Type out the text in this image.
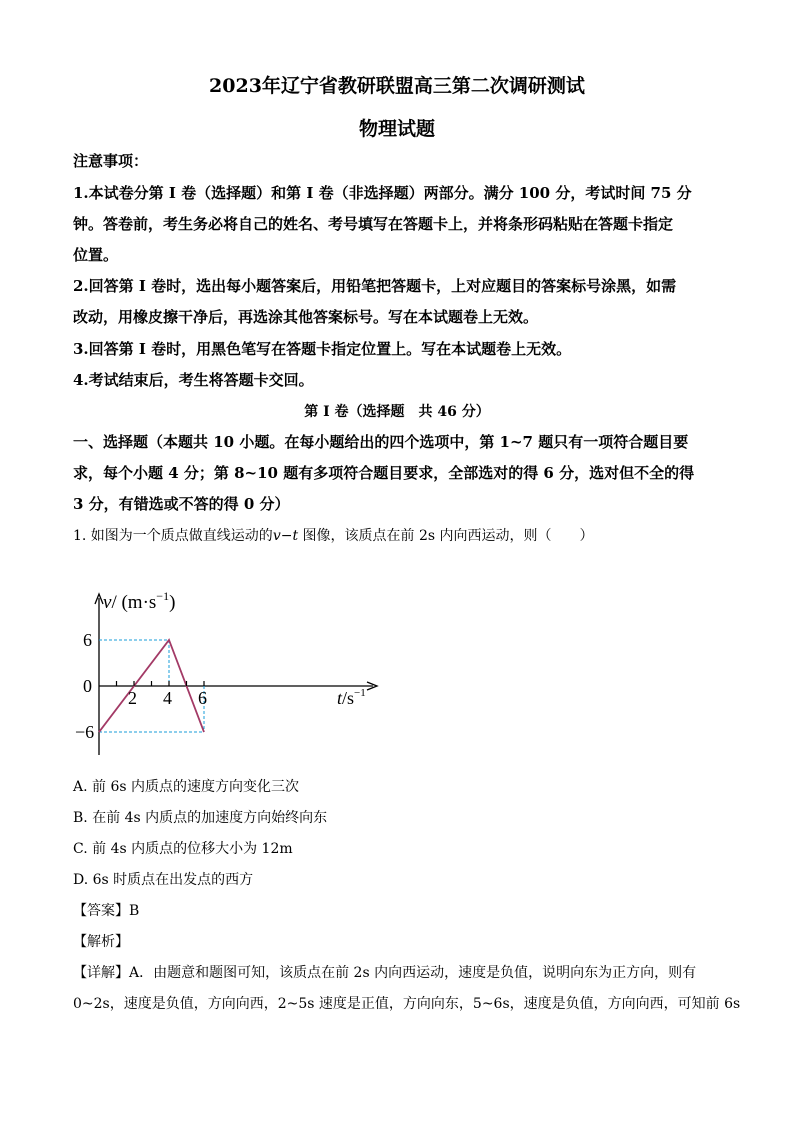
2023年辽宁省教研联盟高三第二次调研测试
物理试题
注意事项：
1.本试卷分第 I 卷（选择题）和第 I 卷（非选择题）两部分。满分 100 分，考试时间 75 分
钟。答卷前，考生务必将自己的姓名、考号填写在答题卡上，并将条形码粘贴在答题卡指定
位置。
2.回答第 I 卷时，选出每小题答案后，用铅笔把答题卡，上对应题目的答案标号涂黑，如需
改动，用橡皮擦干净后，再选涂其他答案标号。写在本试题卷上无效。
3.回答第 I 卷时，用黑色笔写在答题卡指定位置上。写在本试题卷上无效。
4.考试结束后，考生将答题卡交回。
第 I 卷（选择题　共 46 分）
一、选择题（本题共 10 小题。在每小题给出的四个选项中，第 1~7 题只有一项符合题目要
求，每个小题 4 分；第 8~10 题有多项符合题目要求，全部选对的得 6 分，选对但不全的得
3 分，有错选或不答的得 0 分）
1. 如图为一个质点做直线运动的v−t 图像，该质点在前 2s 内向西运动，则（　　）
2 4 6
6
0
−6
v/ $(m\cdot s^{-1})$
$t/s^{-1}$
A. 前 6s 内质点的速度方向变化三次
B. 在前 4s 内质点的加速度方向始终向东
C. 前 4s 内质点的位移大小为 12m
D. 6s 时质点在出发点的西方
【答案】B
【解析】
【详解】A．由题意和题图可知，该质点在前 2s 内向西运动，速度是负值，说明向东为正方向，则有
0~2s，速度是负值，方向向西，2~5s 速度是正值，方向向东，5~6s，速度是负值，方向向西，可知前 6s
